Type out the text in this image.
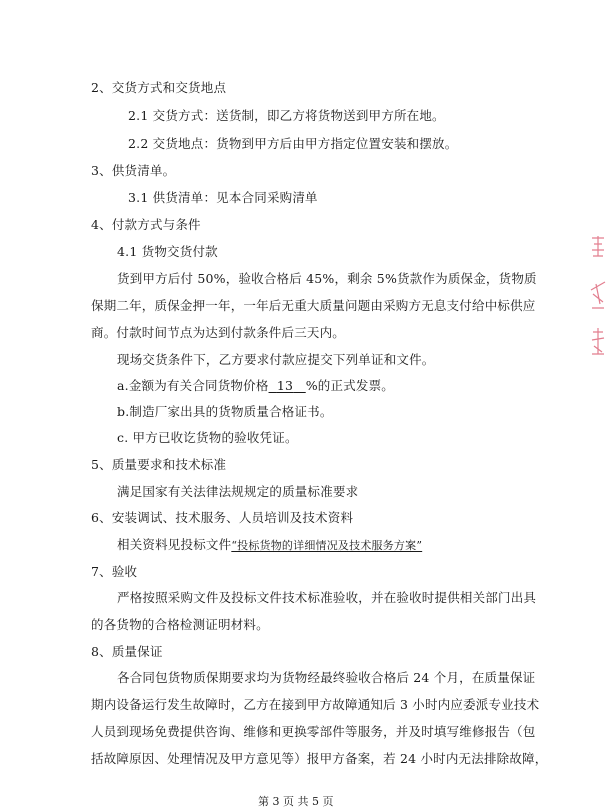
2、交货方式和交货地点
2.1 交货方式：送货制，即乙方将货物送到甲方所在地。
2.2 交货地点：货物到甲方后由甲方指定位置安装和摆放。
3、供货清单。
3.1 供货清单：见本合同采购清单
4、付款方式与条件
4.1 货物交货付款
货到甲方后付 50%，验收合格后 45%，剩余 5%货款作为质保金，货物质
保期二年，质保金押一年，一年后无重大质量问题由采购方无息支付给中标供应
商。付款时间节点为达到付款条件后三天内。
现场交货条件下，乙方要求付款应提交下列单证和文件。
a.金额为有关合同货物价格 13 %的正式发票。
b.制造厂家出具的货物质量合格证书。
c. 甲方已收讫货物的验收凭证。
5、质量要求和技术标准
满足国家有关法律法规规定的质量标准要求
6、安装调试、技术服务、人员培训及技术资料
相关资料见投标文件“投标货物的详细情况及技术服务方案”
7、验收
严格按照采购文件及投标文件技术标准验收，并在验收时提供相关部门出具
的各货物的合格检测证明材料。
8、质量保证
各合同包货物质保期要求均为货物经最终验收合格后 24 个月，在质量保证
期内设备运行发生故障时，乙方在接到甲方故障通知后 3 小时内应委派专业技术
人员到现场免费提供咨询、维修和更换零部件等服务，并及时填写维修报告（包
括故障原因、处理情况及甲方意见等）报甲方备案，若 24 小时内无法排除故障，
第 3 页 共 5 页
